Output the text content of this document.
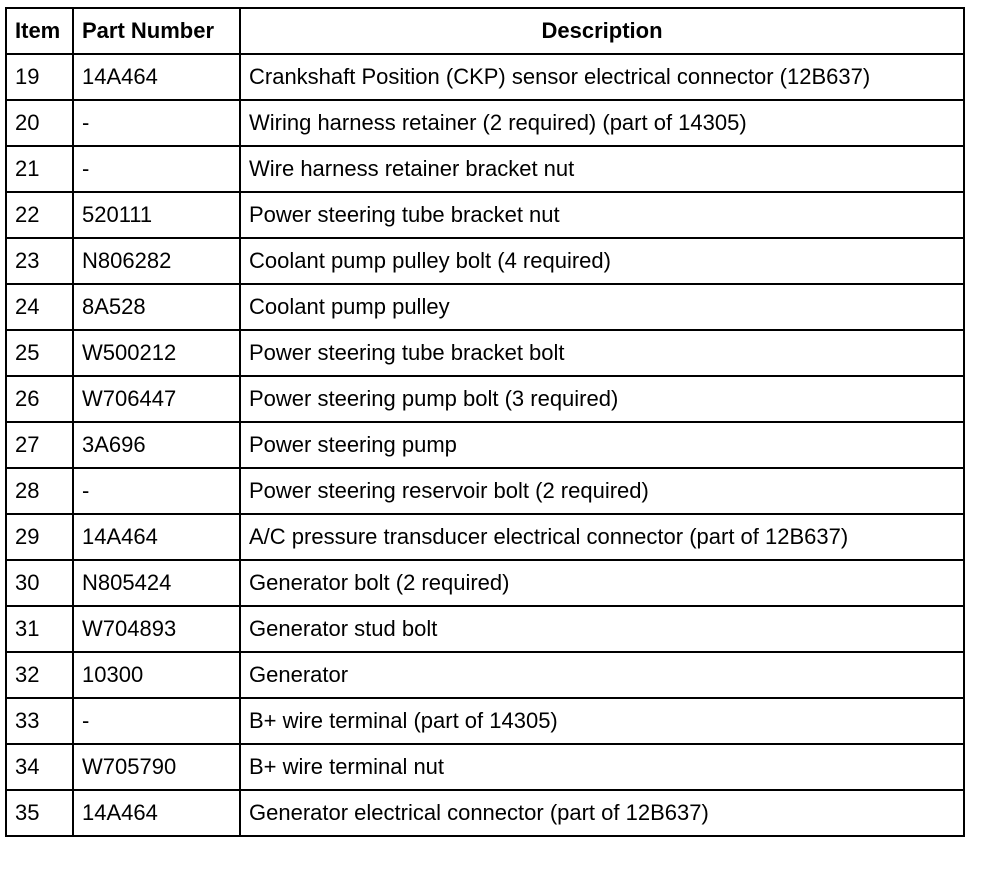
Item	Part Number	Description
19	14A464	Crankshaft Position (CKP) sensor electrical connector (12B637)
20	-	Wiring harness retainer (2 required) (part of 14305)
21	-	Wire harness retainer bracket nut
22	520111	Power steering tube bracket nut
23	N806282	Coolant pump pulley bolt (4 required)
24	8A528	Coolant pump pulley
25	W500212	Power steering tube bracket bolt
26	W706447	Power steering pump bolt (3 required)
27	3A696	Power steering pump
28	-	Power steering reservoir bolt (2 required)
29	14A464	A/C pressure transducer electrical connector (part of 12B637)
30	N805424	Generator bolt (2 required)
31	W704893	Generator stud bolt
32	10300	Generator
33	-	B+ wire terminal (part of 14305)
34	W705790	B+ wire terminal nut
35	14A464	Generator electrical connector (part of 12B637)
